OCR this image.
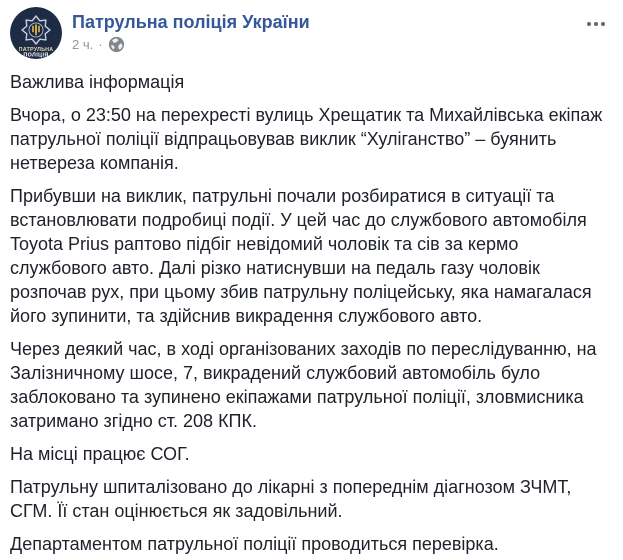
ПАТРУЛЬНА
ПОЛІЦІЯ
Патрульна поліція України
2 ч. ·

Важлива інформація

Вчора, о 23:50 на перехресті вулиць Хрещатик та Михайлівська екіпаж патрульної поліції відпрацьовував виклик “Хуліганство” – буянить нетвереза компанія.

Прибувши на виклик, патрульні почали розбиратися в ситуації та встановлювати подробиці події. У цей час до службового автомобіля Toyota Prius раптово підбіг невідомий чоловік та сів за кермо службового авто. Далі різко натиснувши на педаль газу чоловік розпочав рух, при цьому збив патрульну поліцейську, яка намагалася його зупинити, та здійснив викрадення службового авто.

Через деякий час, в ході організованих заходів по переслідуванню, на Залізничному шосе, 7, викрадений службовий автомобіль було заблоковано та зупинено екіпажами патрульної поліції, зловмисника затримано згідно ст. 208 КПК.

На місці працює СОГ.

Патрульну шпиталізовано до лікарні з попереднім діагнозом ЗЧМТ, СГМ. Її стан оцінюється як задовільний.

Департаментом патрульної поліції проводиться перевірка.
